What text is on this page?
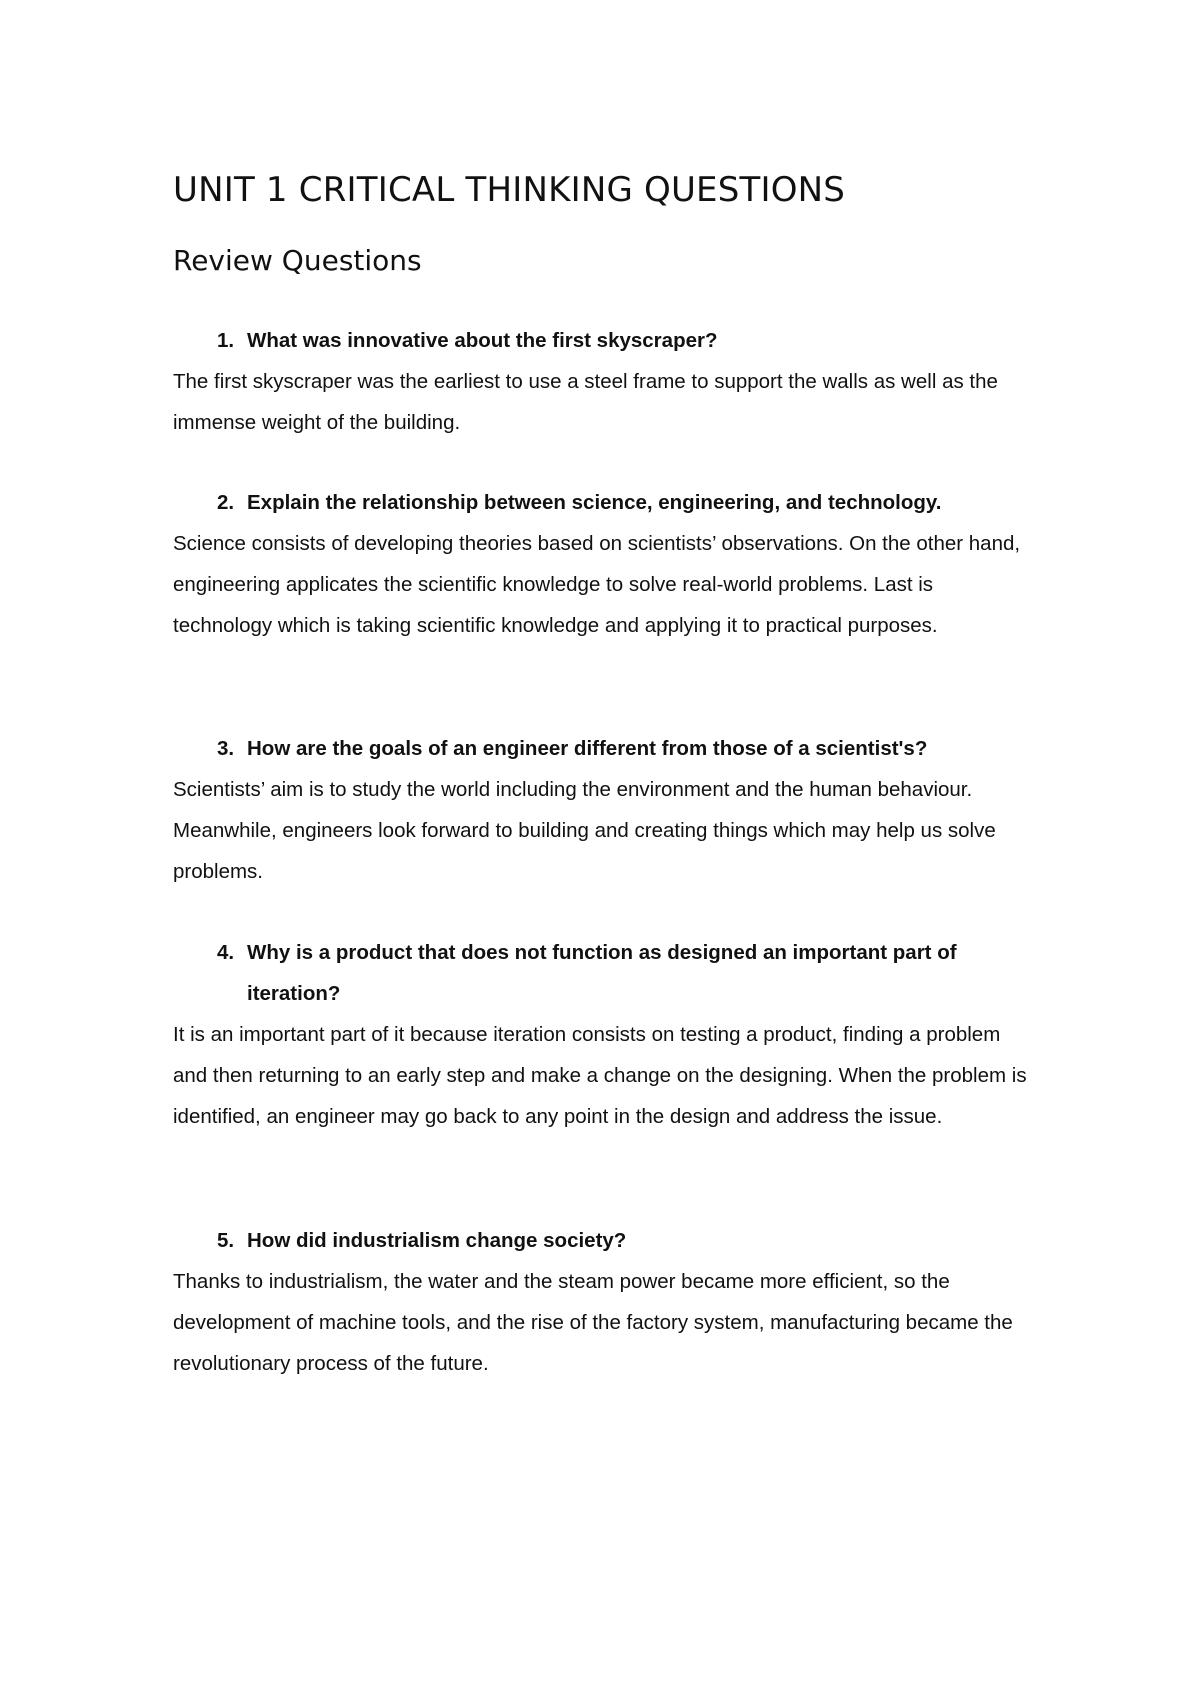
UNIT 1 CRITICAL THINKING QUESTIONS
Review Questions
1. What was innovative about the first skyscraper?
The first skyscraper was the earliest to use a steel frame to support the walls as well as the immense weight of the building.
2. Explain the relationship between science, engineering, and technology.
Science consists of developing theories based on scientists’ observations. On the other hand, engineering applicates the scientific knowledge to solve real-world problems. Last is technology which is taking scientific knowledge and applying it to practical purposes.
3. How are the goals of an engineer different from those of a scientist's?
Scientists’ aim is to study the world including the environment and the human behaviour. Meanwhile, engineers look forward to building and creating things which may help us solve problems.
4. Why is a product that does not function as designed an important part of iteration?
It is an important part of it because iteration consists on testing a product, finding a problem and then returning to an early step and make a change on the designing. When the problem is identified, an engineer may go back to any point in the design and address the issue.
5. How did industrialism change society?
Thanks to industrialism, the water and the steam power became more efficient, so the development of machine tools, and the rise of the factory system, manufacturing became the revolutionary process of the future.
